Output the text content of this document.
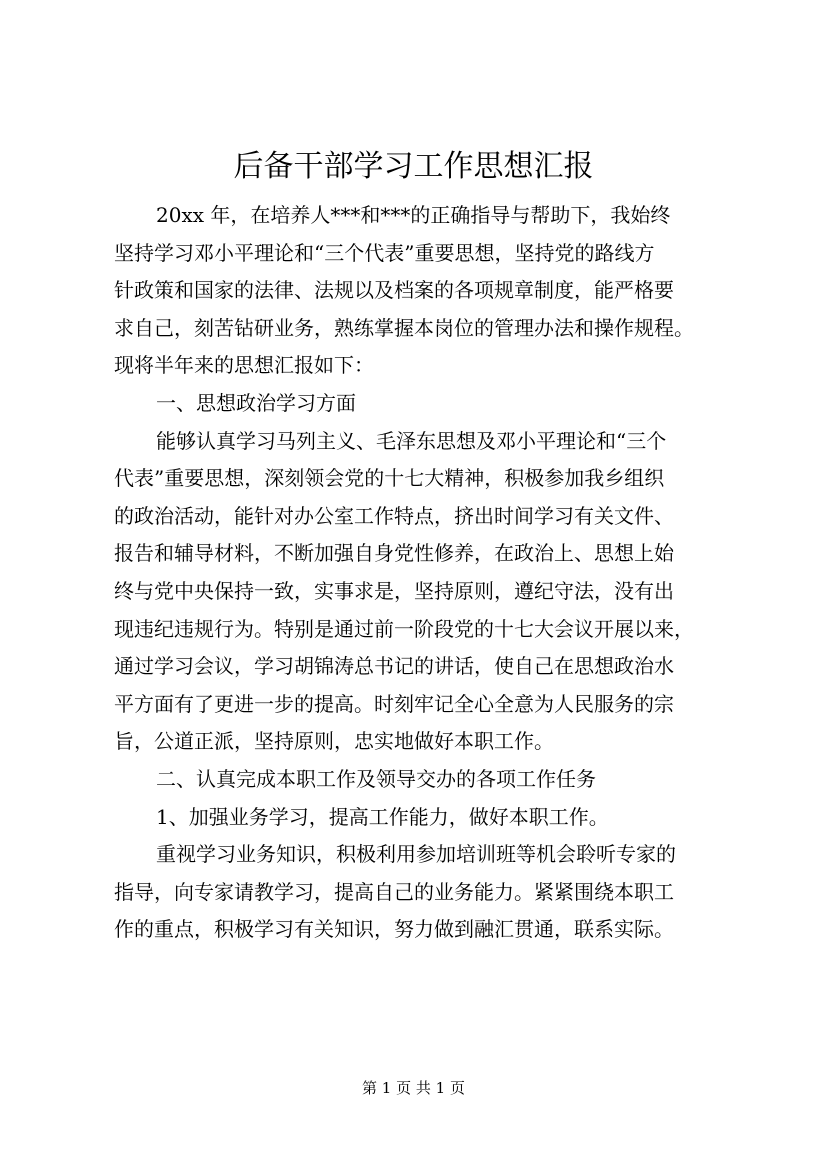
后备干部学习工作思想汇报
20xx 年，在培养人***和***的正确指导与帮助下，我始终
坚持学习邓小平理论和“三个代表”重要思想，坚持党的路线方
针政策和国家的法律、法规以及档案的各项规章制度，能严格要
求自己，刻苦钻研业务，熟练掌握本岗位的管理办法和操作规程。
现将半年来的思想汇报如下：
一、思想政治学习方面
能够认真学习马列主义、毛泽东思想及邓小平理论和“三个
代表”重要思想，深刻领会党的十七大精神，积极参加我乡组织
的政治活动，能针对办公室工作特点，挤出时间学习有关文件、
报告和辅导材料，不断加强自身党性修养，在政治上、思想上始
终与党中央保持一致，实事求是，坚持原则，遵纪守法，没有出
现违纪违规行为。特别是通过前一阶段党的十七大会议开展以来，
通过学习会议，学习胡锦涛总书记的讲话，使自己在思想政治水
平方面有了更进一步的提高。时刻牢记全心全意为人民服务的宗
旨，公道正派，坚持原则，忠实地做好本职工作。
二、认真完成本职工作及领导交办的各项工作任务
1、加强业务学习，提高工作能力，做好本职工作。
重视学习业务知识，积极利用参加培训班等机会聆听专家的
指导，向专家请教学习，提高自己的业务能力。紧紧围绕本职工
作的重点，积极学习有关知识，努力做到融汇贯通，联系实际。
第 1 页 共 1 页
